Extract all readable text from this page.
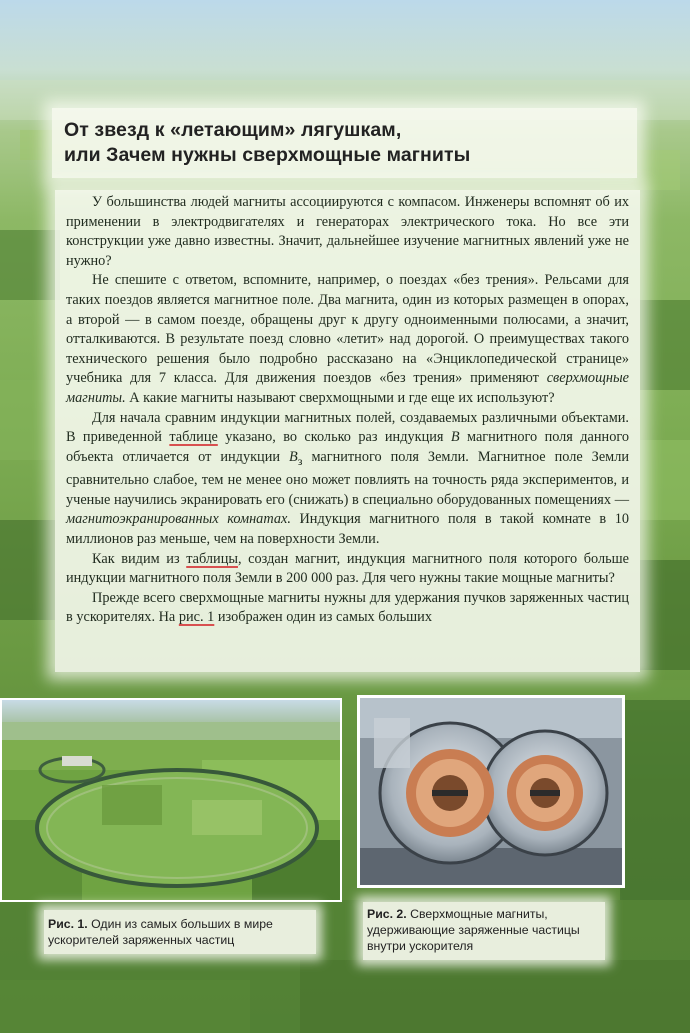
От звезд к «летающим» лягушкам,
или Зачем нужны сверхмощные магниты

У большинства людей магниты ассоциируются с компасом. Инженеры вспомнят об их применении в электродвигателях и генераторах электрического тока. Но все эти конструкции уже давно известны. Значит, дальнейшее изучение магнитных явлений уже не нужно?

Не спешите с ответом, вспомните, например, о поездах «без трения». Рельсами для таких поездов является магнитное поле. Два магнита, один из которых размещен в опорах, а второй — в самом поезде, обращены друг к другу одноименными полюсами, а значит, отталкиваются. В результате поезд словно «летит» над дорогой. О преимуществах такого технического решения было подробно рассказано на «Энциклопедической странице» учебника для 7 класса. Для движения поездов «без трения» применяют сверхмощные магниты. А какие магниты называют сверхмощными и где еще их используют?

Для начала сравним индукции магнитных полей, создаваемых различными объектами. В приведенной таблице указано, во сколько раз индукция B магнитного поля данного объекта отличается от индукции $B_з$ магнитного поля Земли. Магнитное поле Земли сравнительно слабое, тем не менее оно может повлиять на точность ряда экспериментов, и ученые научились экранировать его (снижать) в специально оборудованных помещениях — магнитоэкранированных комнатах. Индукция магнитного поля в такой комнате в 10 миллионов раз меньше, чем на поверхности Земли.

Как видим из таблицы, создан магнит, индукция магнитного поля которого больше индукции магнитного поля Земли в 200 000 раз. Для чего нужны такие мощные магниты?

Прежде всего сверхмощные магниты нужны для удержания пучков заряженных частиц в ускорителях. На рис. 1 изображен один из самых больших

Рис. 1. Один из самых больших в мире ускорителей заряженных частиц
Рис. 2. Сверхмощные магниты, удерживающие заряженные частицы внутри ускорителя
